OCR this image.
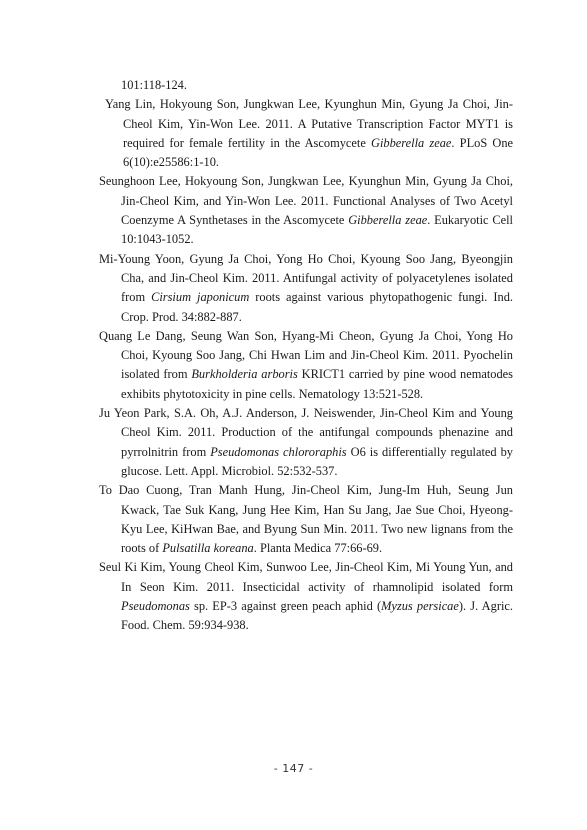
101:118-124.

Yang Lin, Hokyoung Son, Jungkwan Lee, Kyunghun Min, Gyung Ja Choi, Jin-Cheol Kim, Yin-Won Lee. 2011. A Putative Transcription Factor MYT1 is required for female fertility in the Ascomycete Gibberella zeae. PLoS One 6(10):e25586:1-10.

Seunghoon Lee, Hokyoung Son, Jungkwan Lee, Kyunghun Min, Gyung Ja Choi, Jin-Cheol Kim, and Yin-Won Lee. 2011. Functional Analyses of Two Acetyl Coenzyme A Synthetases in the Ascomycete Gibberella zeae. Eukaryotic Cell 10:1043-1052.

Mi-Young Yoon, Gyung Ja Choi, Yong Ho Choi, Kyoung Soo Jang, Byeongjin Cha, and Jin-Cheol Kim. 2011. Antifungal activity of polyacetylenes isolated from Cirsium japonicum roots against various phytopathogenic fungi. Ind. Crop. Prod. 34:882-887.

Quang Le Dang, Seung Wan Son, Hyang-Mi Cheon, Gyung Ja Choi, Yong Ho Choi, Kyoung Soo Jang, Chi Hwan Lim and Jin-Cheol Kim. 2011. Pyochelin isolated from Burkholderia arboris KRICT1 carried by pine wood nematodes exhibits phytotoxicity in pine cells. Nematology 13:521-528.

Ju Yeon Park, S.A. Oh, A.J. Anderson, J. Neiswender, Jin-Cheol Kim and Young Cheol Kim. 2011. Production of the antifungal compounds phenazine and pyrrolnitrin from Pseudomonas chlororaphis O6 is differentially regulated by glucose. Lett. Appl. Microbiol. 52:532-537.

To Dao Cuong, Tran Manh Hung, Jin-Cheol Kim, Jung-Im Huh, Seung Jun Kwack, Tae Suk Kang, Jung Hee Kim, Han Su Jang, Jae Sue Choi, Hyeong-Kyu Lee, KiHwan Bae, and Byung Sun Min. 2011. Two new lignans from the roots of Pulsatilla koreana. Planta Medica 77:66-69.

Seul Ki Kim, Young Cheol Kim, Sunwoo Lee, Jin-Cheol Kim, Mi Young Yun, and In Seon Kim. 2011. Insecticidal activity of rhamnolipid isolated form Pseudomonas sp. EP-3 against green peach aphid (Myzus persicae). J. Agric. Food. Chem. 59:934-938.

- 147 -
